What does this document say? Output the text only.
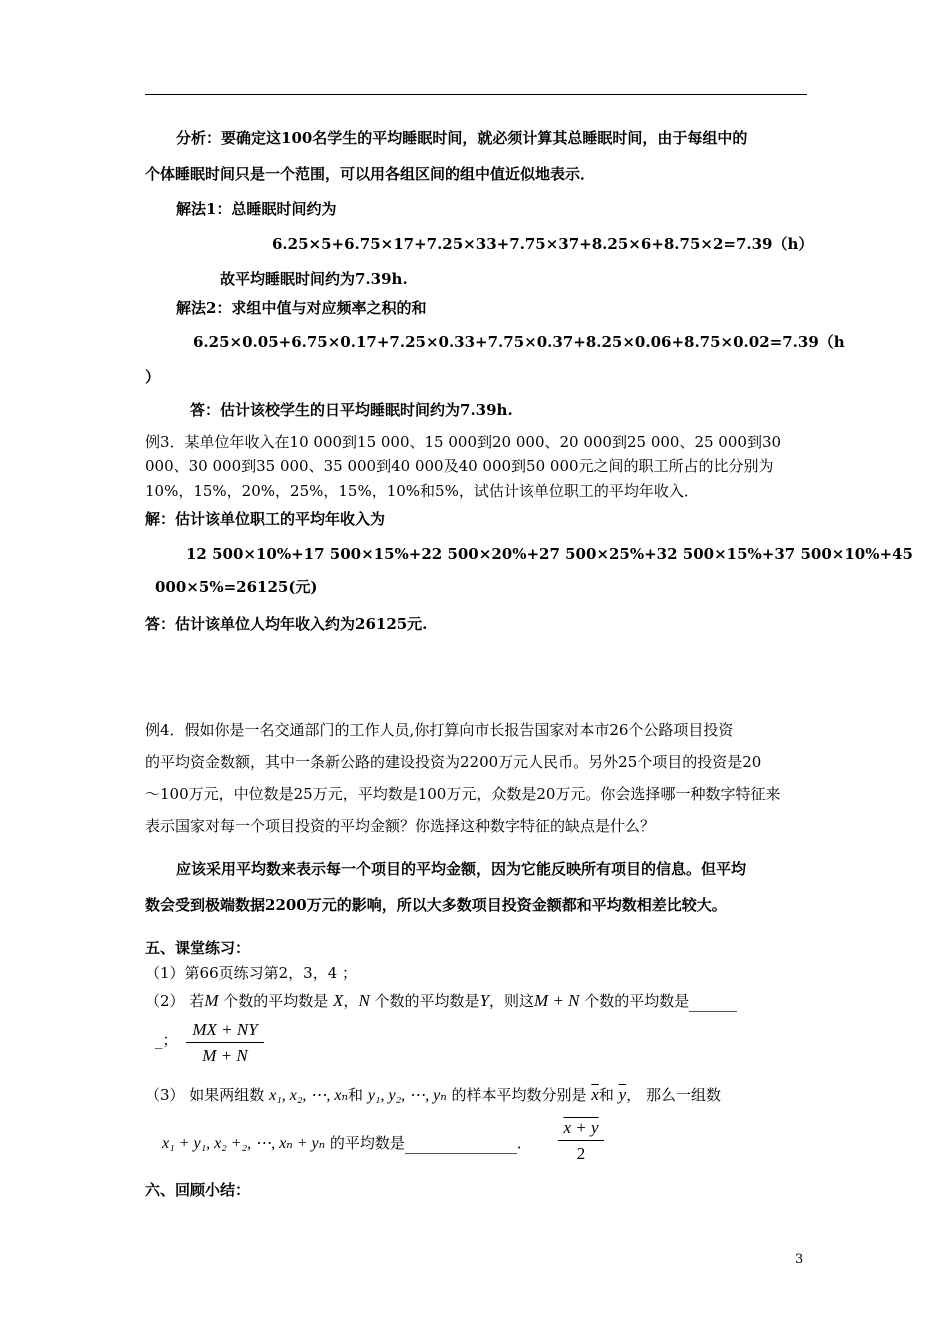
分析：要确定这100名学生的平均睡眠时间，就必须计算其总睡眠时间，由于每组中的
个体睡眠时间只是一个范围，可以用各组区间的组中值近似地表示．
解法1：总睡眠时间约为
6.25×5+6.75×17+7.25×33+7.75×37+8.25×6+8.75×2=7.39（h）
故平均睡眠时间约为7.39h.
解法2：求组中值与对应频率之积的和
6.25×0.05+6.75×0.17+7.25×0.33+7.75×0.37+8.25×0.06+8.75×0.02=7.39（h
）
答：估计该校学生的日平均睡眠时间约为7.39h.
例3．某单位年收入在10 000到15 000、15 000到20 000、20 000到25 000、25 000到30
000、30 000到35 000、35 000到40 000及40 000到50 000元之间的职工所占的比分别为
10%，15%，20%，25%，15%，10%和5%，试估计该单位职工的平均年收入．
解：估计该单位职工的平均年收入为
12 500×10%+17 500×15%+22 500×20%+27 500×25%+32 500×15%+37 500×10%+45
000×5%=26125(元)
答：估计该单位人均年收入约为26125元.
例4．假如你是一名交通部门的工作人员,你打算向市长报告国家对本市26个公路项目投资
的平均资金数额，其中一条新公路的建设投资为2200万元人民币。另外25个项目的投资是20
～100万元，中位数是25万元，平均数是100万元，众数是20万元。你会选择哪一种数字特征来
表示国家对每一个项目投资的平均金额？你选择这种数字特征的缺点是什么？
应该采用平均数来表示每一个项目的平均金额，因为它能反映所有项目的信息。但平均
数会受到极端数据2200万元的影响，所以大多数项目投资金额都和平均数相差比较大。
五、课堂练习：
（1）第66页练习第2，3，4 ；
（2） 若M 个数的平均数是 X，N 个数的平均数是Y，则这M + N 个数的平均数是
_；
MX + NY
M + N
（3） 如果两组数 x₁, x₂, ⋯, xₙ和 y₁, y₂, ⋯, yₙ 的样本平均数分别是 $\overline{x}$和 $\overline{y}$， 那么一组数
x₁ + y₁, x₂ +₂, ⋯, xₙ + yₙ 的平均数是	．
x + y
2
六、回顾小结：
3
